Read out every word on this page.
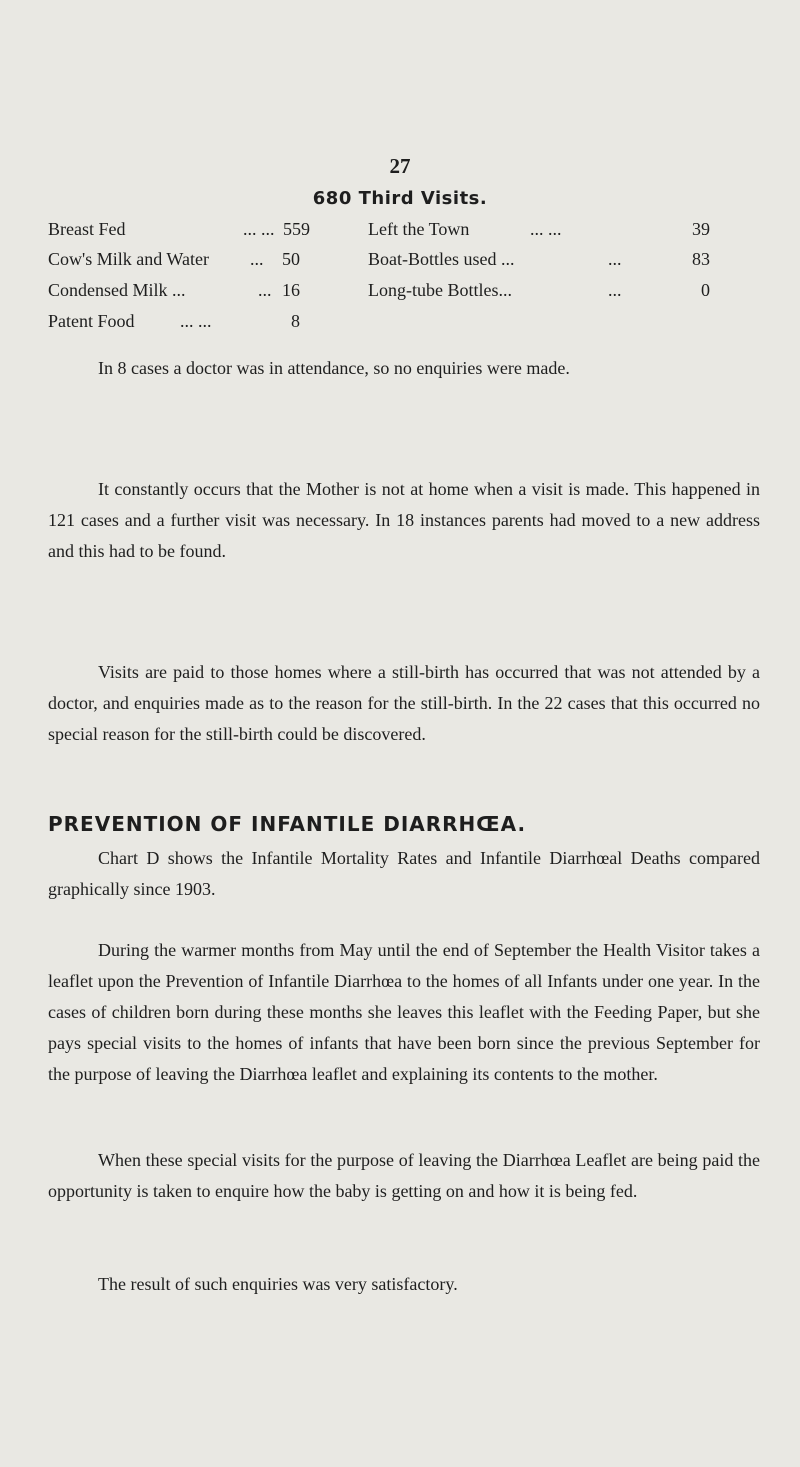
27
680 Third Visits.
Breast Fed	... ... 559
Cow's Milk and Water ...	50
Condensed Milk ...	... 16
Patent Food	... ...	8
Left the Town	... ...	39
Boat-Bottles used ...	...	83
Long-tube Bottles...	...	0

In 8 cases a doctor was in attendance, so no enquiries were made.

It constantly occurs that the Mother is not at home when a visit is made. This happened in 121 cases and a further visit was necessary. In 18 instances parents had moved to a new address and this had to be found.

Visits are paid to those homes where a still-birth has occurred that was not attended by a doctor, and enquiries made as to the reason for the still-birth. In the 22 cases that this occurred no special reason for the still-birth could be discovered.

PREVENTION OF INFANTILE DIARRHŒA.

Chart D shows the Infantile Mortality Rates and Infantile Diarrhœal Deaths compared graphically since 1903.

During the warmer months from May until the end of September the Health Visitor takes a leaflet upon the Prevention of Infantile Diarrhœa to the homes of all Infants under one year. In the cases of children born during these months she leaves this leaflet with the Feeding Paper, but she pays special visits to the homes of infants that have been born since the previous September for the purpose of leaving the Diarrhœa leaflet and explaining its contents to the mother.

When these special visits for the purpose of leaving the Diarrhœa Leaflet are being paid the opportunity is taken to enquire how the baby is getting on and how it is being fed.

The result of such enquiries was very satisfactory.
